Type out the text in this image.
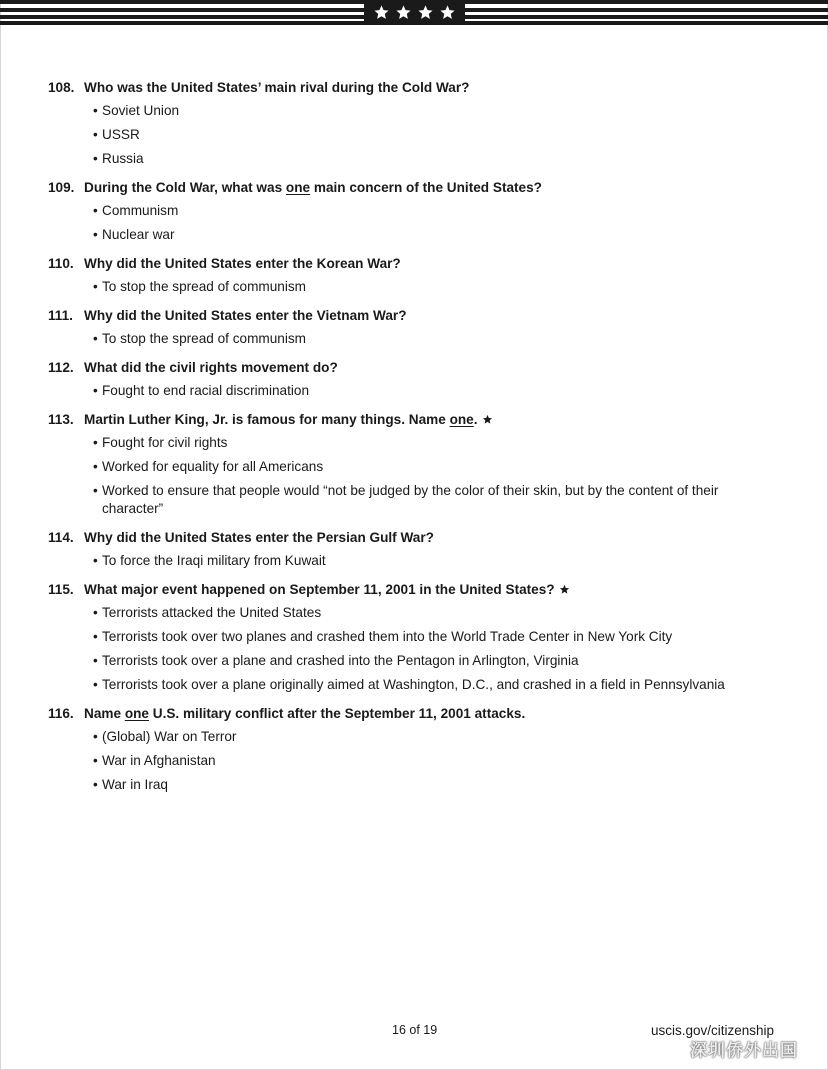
108. Who was the United States’ main rival during the Cold War?
• Soviet Union
• USSR
• Russia
109. During the Cold War, what was one main concern of the United States?
• Communism
• Nuclear war
110. Why did the United States enter the Korean War?
• To stop the spread of communism
111. Why did the United States enter the Vietnam War?
• To stop the spread of communism
112. What did the civil rights movement do?
• Fought to end racial discrimination
113. Martin Luther King, Jr. is famous for many things. Name one.
• Fought for civil rights
• Worked for equality for all Americans
• Worked to ensure that people would “not be judged by the color of their skin, but by the content of their character”
114. Why did the United States enter the Persian Gulf War?
• To force the Iraqi military from Kuwait
115. What major event happened on September 11, 2001 in the United States?
• Terrorists attacked the United States
• Terrorists took over two planes and crashed them into the World Trade Center in New York City
• Terrorists took over a plane and crashed into the Pentagon in Arlington, Virginia
• Terrorists took over a plane originally aimed at Washington, D.C., and crashed in a field in Pennsylvania
116. Name one U.S. military conflict after the September 11, 2001 attacks.
• (Global) War on Terror
• War in Afghanistan
• War in Iraq
16 of 19	uscis.gov/citizenship
深圳侨外出国
